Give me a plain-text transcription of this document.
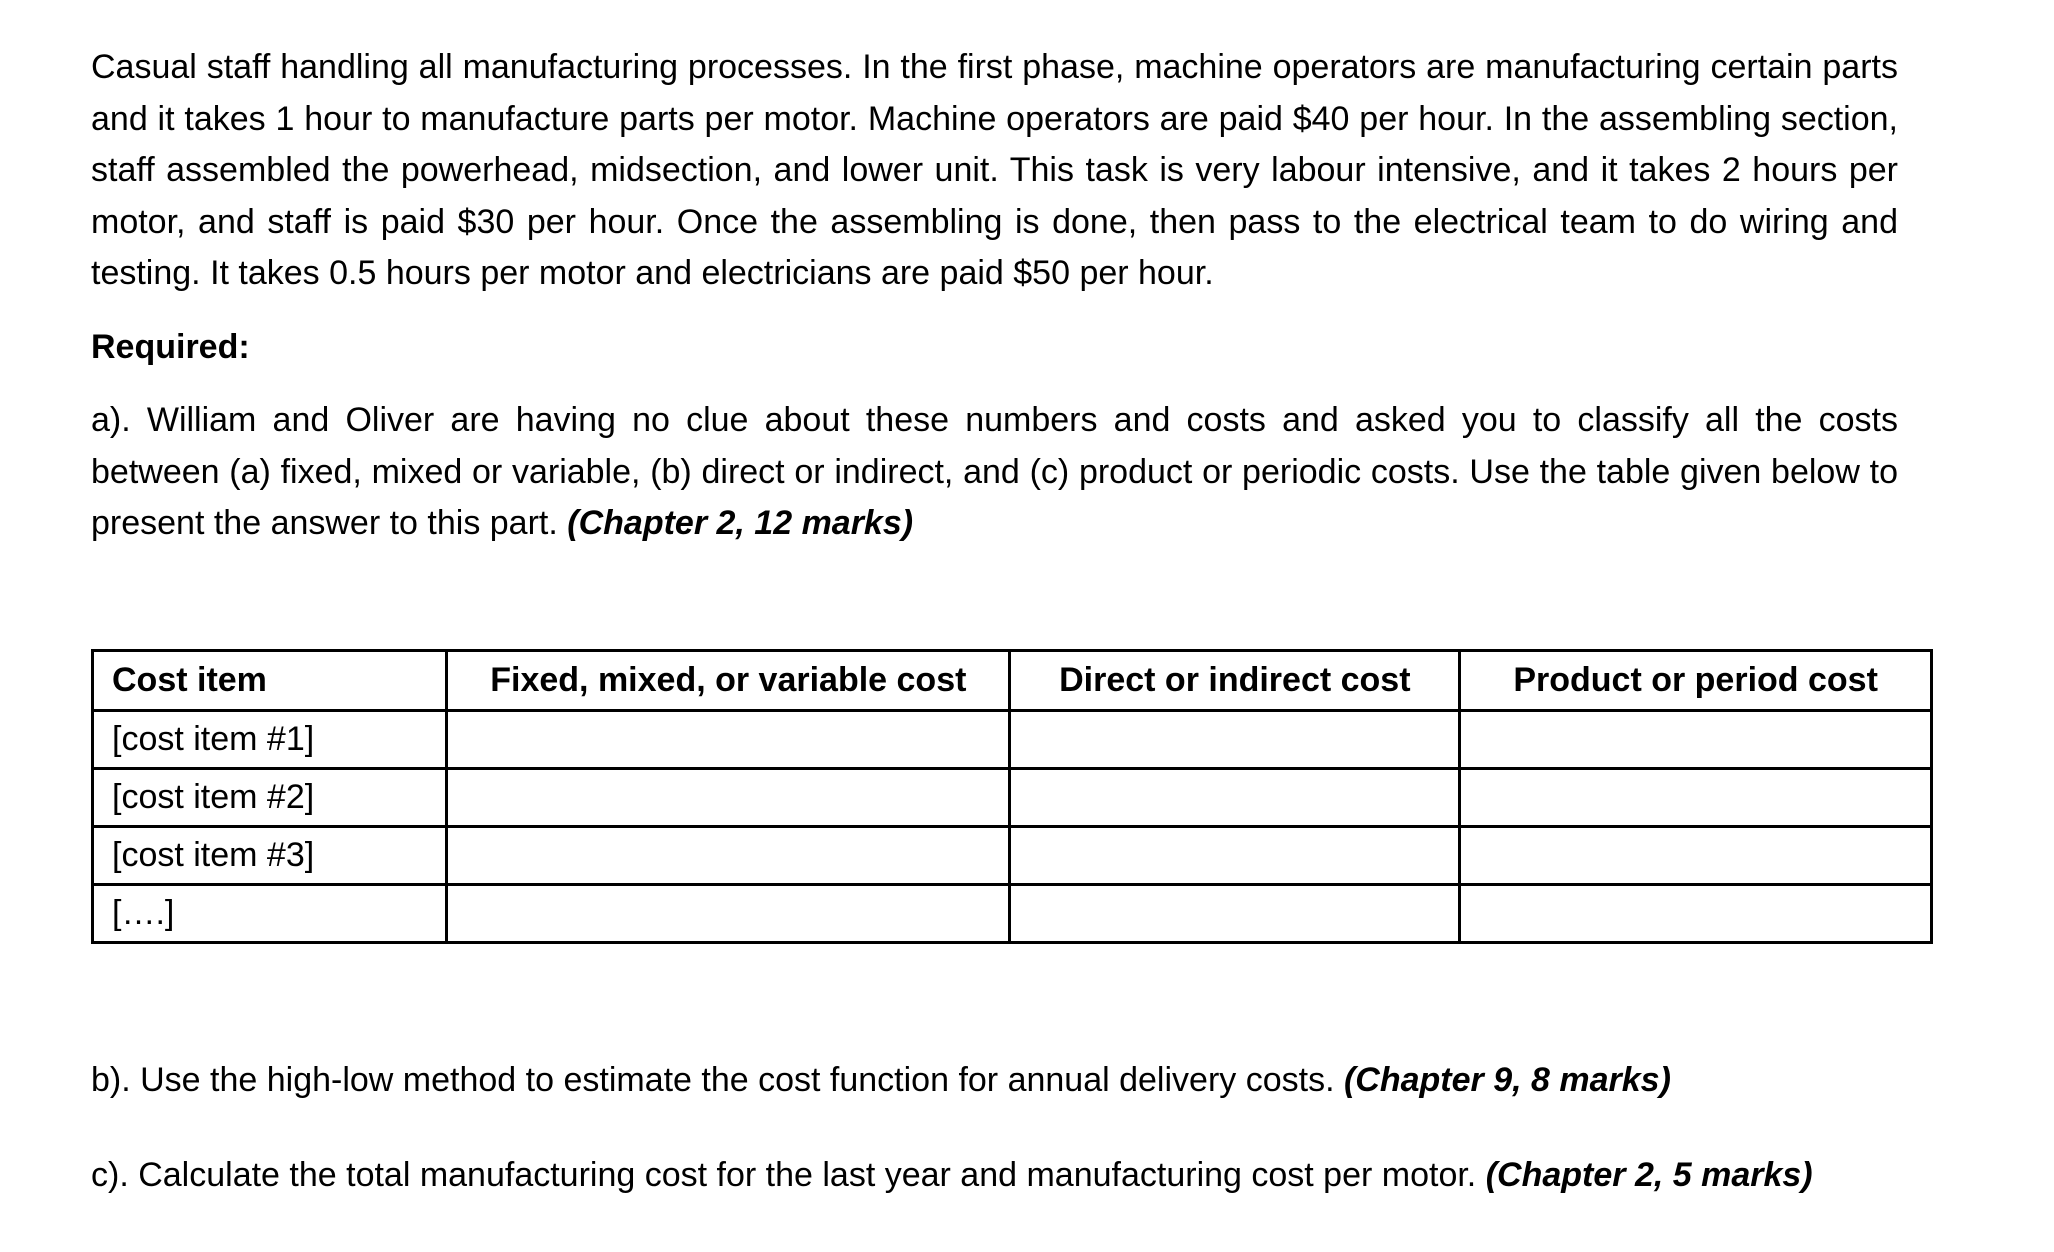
Casual staff handling all manufacturing processes. In the first phase, machine operators are manufacturing certain parts and it takes 1 hour to manufacture parts per motor. Machine operators are paid $40 per hour. In the assembling section, staff assembled the powerhead, midsection, and lower unit. This task is very labour intensive, and it takes 2 hours per motor, and staff is paid $30 per hour. Once the assembling is done, then pass to the electrical team to do wiring and testing. It takes 0.5 hours per motor and electricians are paid $50 per hour.

Required:

a). William and Oliver are having no clue about these numbers and costs and asked you to classify all the costs between (a) fixed, mixed or variable, (b) direct or indirect, and (c) product or periodic costs. Use the table given below to present the answer to this part. (Chapter 2, 12 marks)

Cost item	Fixed, mixed, or variable cost	Direct or indirect cost	Product or period cost
[cost item #1]			
[cost item #2]			
[cost item #3]			
[….]			

b). Use the high-low method to estimate the cost function for annual delivery costs. (Chapter 9, 8 marks)

c). Calculate the total manufacturing cost for the last year and manufacturing cost per motor. (Chapter 2, 5 marks)
